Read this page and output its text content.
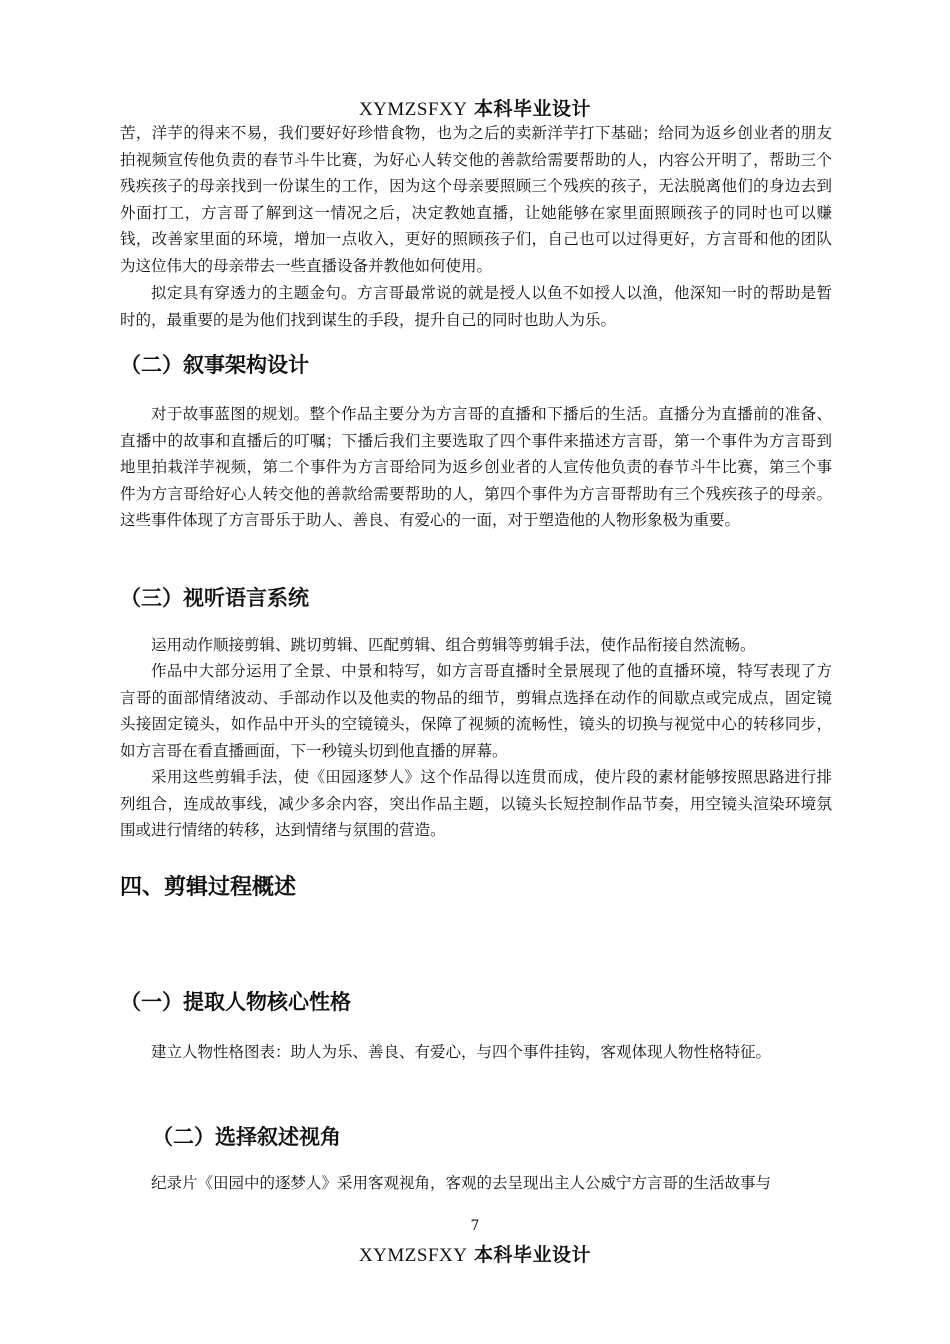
XYMZSFXY 本科毕业设计

苦，洋芋的得来不易，我们要好好珍惜食物，也为之后的卖新洋芋打下基础；给同为返乡创业者的朋友拍视频宣传他负责的春节斗牛比赛，为好心人转交他的善款给需要帮助的人，内容公开明了，帮助三个残疾孩子的母亲找到一份谋生的工作，因为这个母亲要照顾三个残疾的孩子，无法脱离他们的身边去到外面打工，方言哥了解到这一情况之后，决定教她直播，让她能够在家里面照顾孩子的同时也可以赚钱，改善家里面的环境，增加一点收入，更好的照顾孩子们，自己也可以过得更好，方言哥和他的团队为这位伟大的母亲带去一些直播设备并教他如何使用。

拟定具有穿透力的主题金句。方言哥最常说的就是授人以鱼不如授人以渔，他深知一时的帮助是暂时的，最重要的是为他们找到谋生的手段，提升自己的同时也助人为乐。

（二）叙事架构设计

对于故事蓝图的规划。整个作品主要分为方言哥的直播和下播后的生活。直播分为直播前的准备、直播中的故事和直播后的叮嘱；下播后我们主要选取了四个事件来描述方言哥，第一个事件为方言哥到地里拍栽洋芋视频，第二个事件为方言哥给同为返乡创业者的人宣传他负责的春节斗牛比赛，第三个事件为方言哥给好心人转交他的善款给需要帮助的人，第四个事件为方言哥帮助有三个残疾孩子的母亲。这些事件体现了方言哥乐于助人、善良、有爱心的一面，对于塑造他的人物形象极为重要。

（三）视听语言系统

运用动作顺接剪辑、跳切剪辑、匹配剪辑、组合剪辑等剪辑手法，使作品衔接自然流畅。

作品中大部分运用了全景、中景和特写，如方言哥直播时全景展现了他的直播环境，特写表现了方言哥的面部情绪波动、手部动作以及他卖的物品的细节，剪辑点选择在动作的间歇点或完成点，固定镜头接固定镜头，如作品中开头的空镜镜头，保障了视频的流畅性，镜头的切换与视觉中心的转移同步，如方言哥在看直播画面，下一秒镜头切到他直播的屏幕。

采用这些剪辑手法，使《田园逐梦人》这个作品得以连贯而成，使片段的素材能够按照思路进行排列组合，连成故事线，减少多余内容，突出作品主题，以镜头长短控制作品节奏，用空镜头渲染环境氛围或进行情绪的转移，达到情绪与氛围的营造。

四、剪辑过程概述
（一）提取人物核心性格

建立人物性格图表：助人为乐、善良、有爱心，与四个事件挂钩，客观体现人物性格特征。

（二）选择叙述视角

纪录片《田园中的逐梦人》采用客观视角，客观的去呈现出主人公威宁方言哥的生活故事与

7
XYMZSFXY 本科毕业设计
